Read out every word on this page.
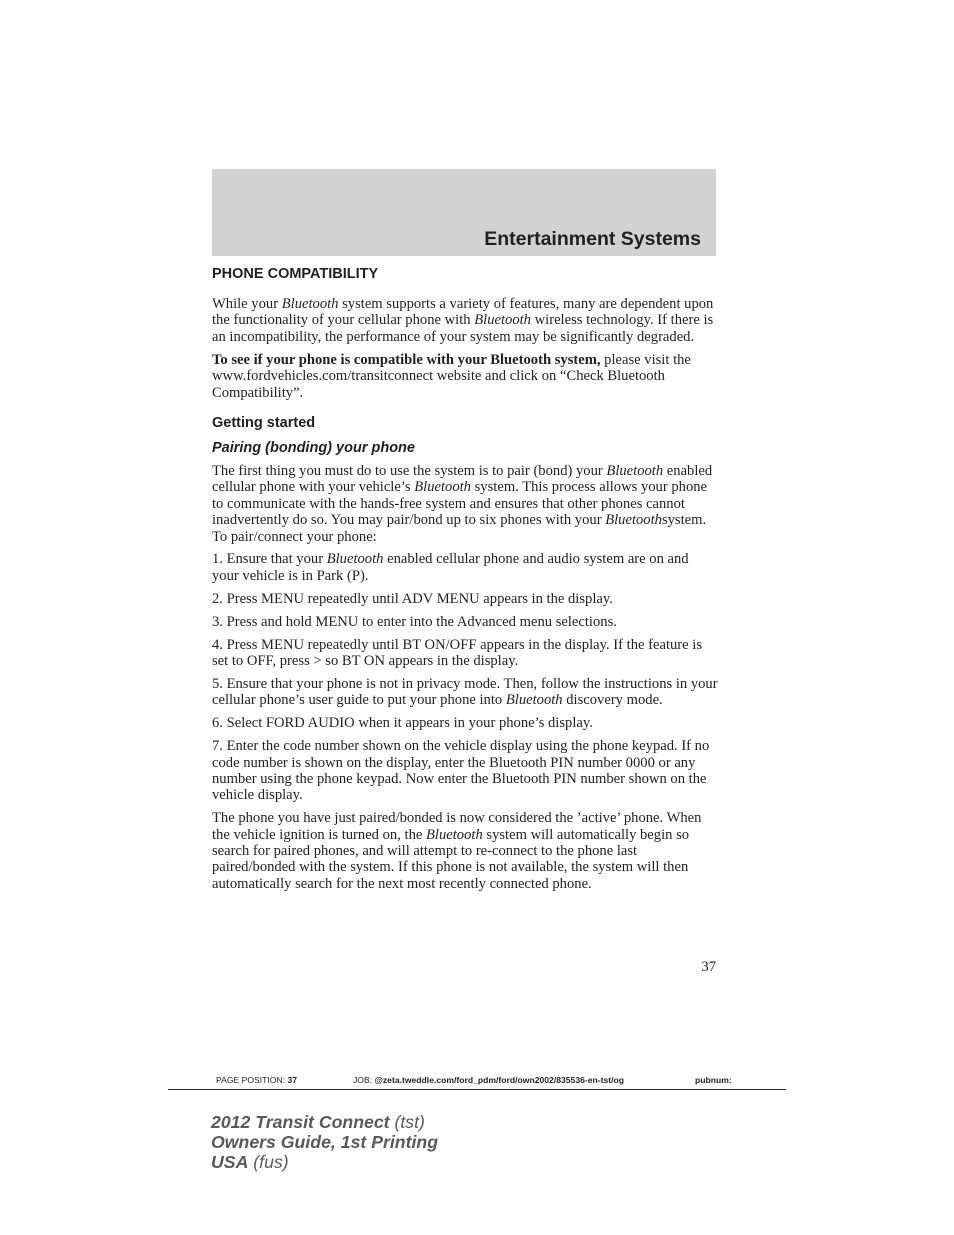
Entertainment Systems
PHONE COMPATIBILITY

While your Bluetooth system supports a variety of features, many are dependent upon the functionality of your cellular phone with Bluetooth wireless technology. If there is an incompatibility, the performance of your system may be significantly degraded.

To see if your phone is compatible with your Bluetooth system, please visit the www.fordvehicles.com/transitconnect website and click on “Check Bluetooth Compatibility”.

Getting started
Pairing (bonding) your phone

The first thing you must do to use the system is to pair (bond) your Bluetooth enabled cellular phone with your vehicle’s Bluetooth system. This process allows your phone to communicate with the hands-free system and ensures that other phones cannot inadvertently do so. You may pair/bond up to six phones with your Bluetoothsystem.

To pair/connect your phone:

1. Ensure that your Bluetooth enabled cellular phone and audio system are on and your vehicle is in Park (P).

2. Press MENU repeatedly until ADV MENU appears in the display.

3. Press and hold MENU to enter into the Advanced menu selections.

4. Press MENU repeatedly until BT ON/OFF appears in the display. If the feature is set to OFF, press > so BT ON appears in the display.

5. Ensure that your phone is not in privacy mode. Then, follow the instructions in your cellular phone’s user guide to put your phone into Bluetooth discovery mode.

6. Select FORD AUDIO when it appears in your phone’s display.

7. Enter the code number shown on the vehicle display using the phone keypad. If no code number is shown on the display, enter the Bluetooth PIN number 0000 or any number using the phone keypad. Now enter the Bluetooth PIN number shown on the vehicle display.

The phone you have just paired/bonded is now considered the ’active’ phone. When the vehicle ignition is turned on, the Bluetooth system will automatically begin so search for paired phones, and will attempt to re-connect to the phone last paired/bonded with the system. If this phone is not available, the system will then automatically search for the next most recently connected phone.

37
PAGE POSITION: 37	JOB: @zeta.tweddle.com/ford_pdm/ford/own2002/835536-en-tst/og	pubnum:
2012 Transit Connect (tst)
Owners Guide, 1st Printing
USA (fus)
